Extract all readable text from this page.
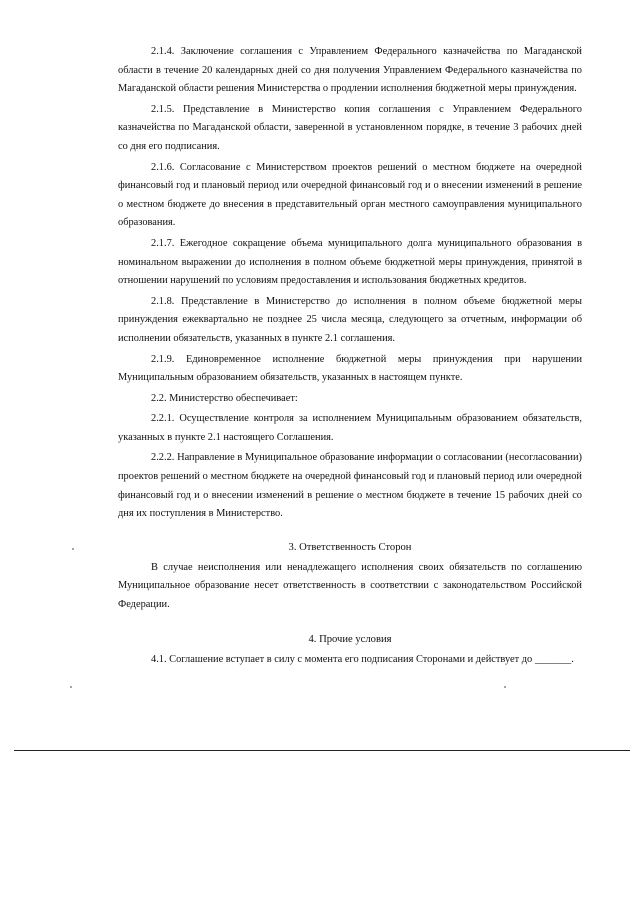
2.1.4. Заключение соглашения с Управлением Федерального казначейства по Магаданской области в течение 20 календарных дней со дня получения Управлением Федерального казначейства по Магаданской области решения Министерства о продлении исполнения бюджетной меры принуждения.

2.1.5. Представление в Министерство копия соглашения с Управлением Федерального казначейства по Магаданской области, заверенной в установленном порядке, в течение 3 рабочих дней со дня его подписания.

2.1.6. Согласование с Министерством проектов решений о местном бюджете на очередной финансовый год и плановый период или очередной финансовый год и о внесении изменений в решение о местном бюджете до внесения в представительный орган местного самоуправления муниципального образования.

2.1.7. Ежегодное сокращение объема муниципального долга муниципального образования в номинальном выражении до исполнения в полном объеме бюджетной меры принуждения, принятой в отношении нарушений по условиям предоставления и использования бюджетных кредитов.

2.1.8. Представление в Министерство до исполнения в полном объеме бюджетной меры принуждения ежеквартально не позднее 25 числа месяца, следующего за отчетным, информации об исполнении обязательств, указанных в пункте 2.1 соглашения.

2.1.9. Единовременное исполнение бюджетной меры принуждения при нарушении Муниципальным образованием обязательств, указанных в настоящем пункте.

2.2. Министерство обеспечивает:

2.2.1. Осуществление контроля за исполнением Муниципальным образованием обязательств, указанных в пункте 2.1 настоящего Соглашения.

2.2.2. Направление в Муниципальное образование информации о согласовании (несогласовании) проектов решений о местном бюджете на очередной финансовый год и плановый период или очередной финансовый год и о внесении изменений в решение о местном бюджете в течение 15 рабочих дней со дня их поступления в Министерство.

3. Ответственность Сторон

В случае неисполнения или ненадлежащего исполнения своих обязательств по соглашению Муниципальное образование несет ответственность в соответствии с законодательством Российской Федерации.

4. Прочие условия

4.1. Соглашение вступает в силу с момента его подписания Сторонами и действует до _______.
